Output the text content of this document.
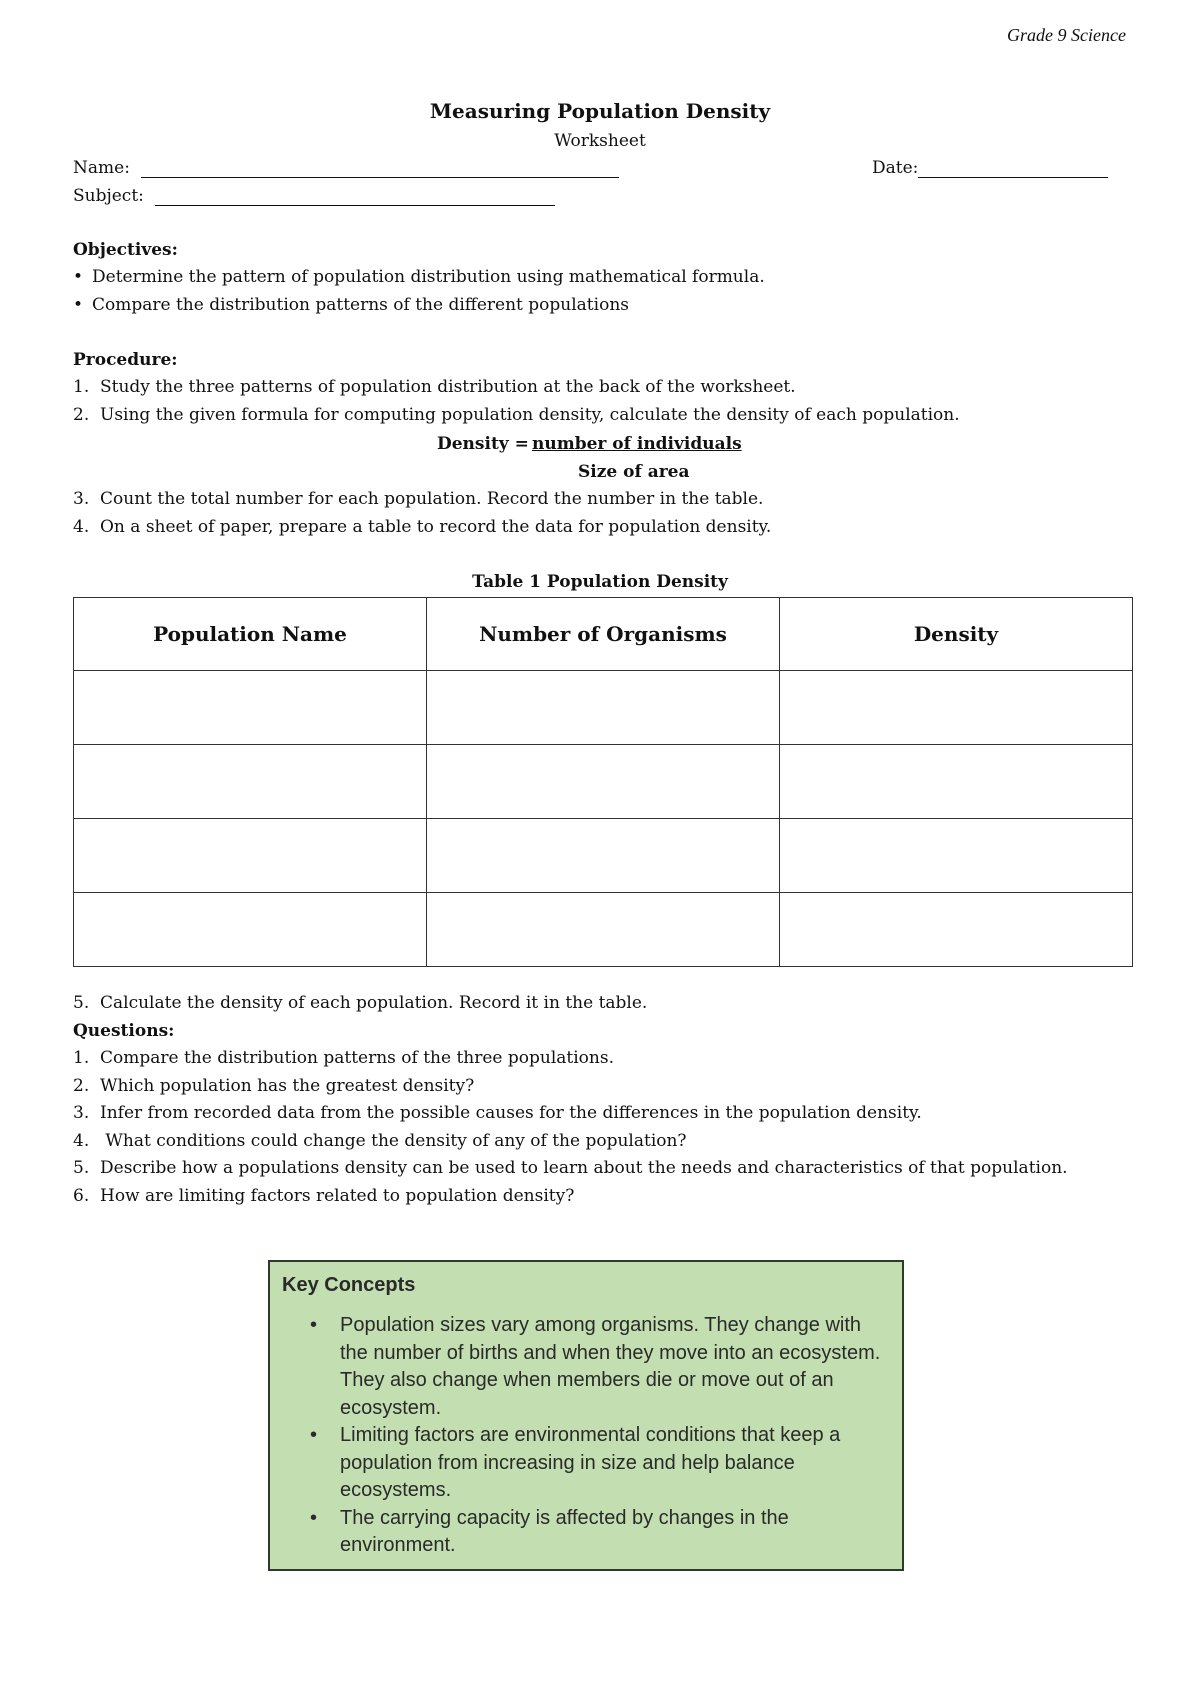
Grade 9 Science
Measuring Population Density
Worksheet
Name:	Date:
Subject:
Objectives:
• Determine the pattern of population distribution using mathematical formula.
• Compare the distribution patterns of the different populations
Procedure:
1. Study the three patterns of population distribution at the back of the worksheet.
2. Using the given formula for computing population density, calculate the density of each population.
Density = number of individuals
Size of area
3. Count the total number for each population. Record the number in the table.
4. On a sheet of paper, prepare a table to record the data for population density.
Table 1 Population Density
Population Name	Number of Organisms	Density

5. Calculate the density of each population. Record it in the table.
Questions:
1. Compare the distribution patterns of the three populations.
2. Which population has the greatest density?
3. Infer from recorded data from the possible causes for the differences in the population density.
4. What conditions could change the density of any of the population?
5. Describe how a populations density can be used to learn about the needs and characteristics of that population.
6. How are limiting factors related to population density?
Key Concepts
• Population sizes vary among organisms. They change with the number of births and when they move into an ecosystem. They also change when members die or move out of an ecosystem.
• Limiting factors are environmental conditions that keep a population from increasing in size and help balance ecosystems.
• The carrying capacity is affected by changes in the environment.
